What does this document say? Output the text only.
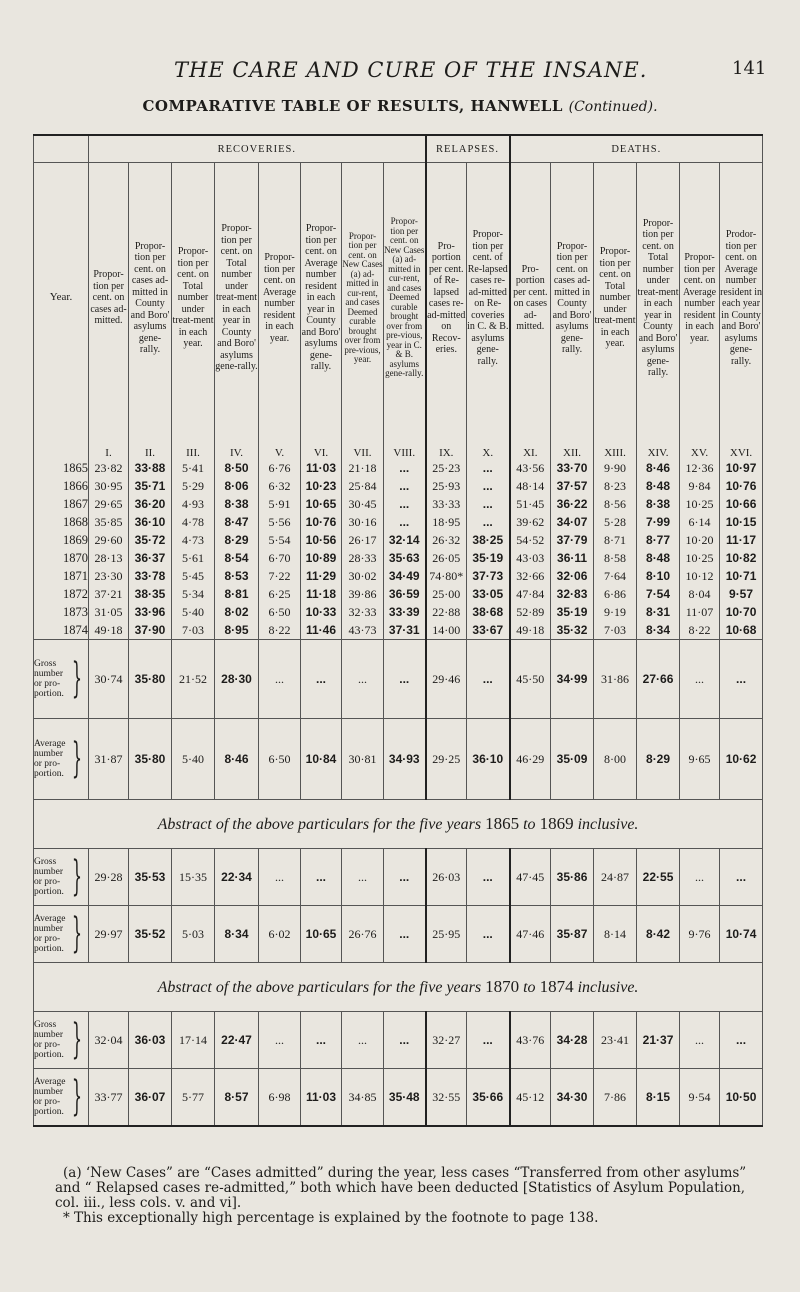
THE CARE AND CURE OF THE INSANE.	141
COMPARATIVE TABLE OF RESULTS, HANWELL (Continued).
	RECOVERIES.								RELAPSES.		DEATHS.					
Year.	Propor-tion per cent. on cases ad-mitted.	Propor-tion per cent. on cases ad-mitted in County and Boro' asylums gene-rally.	Propor-tion per cent. on Total number under treat-ment in each year.	Propor-tion per cent. on Total number under treat-ment in each year in County and Boro' asylums gene-rally.	Propor-tion per cent. on Average number resident in each year.	Propor-tion per cent. on Average number resident in each year in County and Boro' asylums gene-rally.	Propor-tion per cent. on New Cases (a) ad-mitted in cur-rent, and cases Deemed curable brought over from pre-vious, year.	Propor-tion per cent. on New Cases (a) ad-mitted in cur-rent, and cases Deemed curable brought over from pre-vious, year in C. & B. asylums gene-rally.	Pro-portion per cent. of Re-lapsed cases re-ad-mitted on Recov-eries.	Propor-tion per cent. of Re-lapsed cases re-ad-mitted on Re-coveries in C. & B. asylums gene-rally.	Pro-portion per cent. on cases ad-mitted.	Propor-tion per cent. on cases ad-mitted in County and Boro' asylums gene-rally.	Propor-tion per cent. on Total number under treat-ment in each year.	Propor-tion per cent. on Total number under treat-ment in each year in County and Boro' asylums gene-rally.	Propor-tion per cent. on Average number resident in each year.	Prodor-tion per cent. on Average number resident in each year in County and Boro' asylums gene-rally.
	I.	II.	III.	IV.	V.	VI.	VII.	VIII.	IX.	X.	XI.	XII.	XIII.	XIV.	XV.	XVI.
1865	23·82	33·88	5·41	8·50	6·76	11·03	21·18	...	25·23	...	43·56	33·70	9·90	8·46	12·36	10·97
1866	30·95	35·71	5·29	8·06	6·32	10·23	25·84	...	25·93	...	48·14	37·57	8·23	8·48	9·84	10·76
1867	29·65	36·20	4·93	8·38	5·91	10·65	30·45	...	33·33	...	51·45	36·22	8·56	8·38	10·25	10·66
1868	35·85	36·10	4·78	8·47	5·56	10·76	30·16	...	18·95	...	39·62	34·07	5·28	7·99	6·14	10·15
1869	29·60	35·72	4·73	8·29	5·54	10·56	26·17	32·14	26·32	38·25	54·52	37·79	8·71	8·77	10·20	11·17
1870	28·13	36·37	5·61	8·54	6·70	10·89	28·33	35·63	26·05	35·19	43·03	36·11	8·58	8·48	10·25	10·82
1871	23·30	33·78	5·45	8·53	7·22	11·29	30·02	34·49	74·80*	37·73	32·66	32·06	7·64	8·10	10·12	10·71
1872	37·21	38·35	5·34	8·81	6·25	11·18	39·86	36·59	25·00	33·05	47·84	32·83	6·86	7·54	8·04	9·57
1873	31·05	33·96	5·40	8·02	6·50	10·33	32·33	33·39	22·88	38·68	52·89	35·19	9·19	8·31	11·07	10·70
1874	49·18	37·90	7·03	8·95	8·22	11·46	43·73	37·31	14·00	33·67	49·18	35·32	7·03	8·34	8·22	10·68

Gross number or pro-portion. }	30·74	35·80	21·52	28·30	...	...	...	...	29·46	...	45·50	34·99	31·86	27·66	...	...

Average number or pro-portion. }	31·87	35·80	5·40	8·46	6·50	10·84	30·81	34·93	29·25	36·10	46·29	35·09	8·00	8·29	9·65	10·62
Abstract of the above particulars for the five years 1865 to 1869 inclusive.																

Gross number or pro-portion. }	29·28	35·53	15·35	22·34	...	...	...	...	26·03	...	47·45	35·86	24·87	22·55	...	...

Average number or pro-portion. }	29·97	35·52	5·03	8·34	6·02	10·65	26·76	...	25·95	...	47·46	35·87	8·14	8·42	9·76	10·74
Abstract of the above particulars for the five years 1870 to 1874 inclusive.																

Gross number or pro-portion. }	32·04	36·03	17·14	22·47	...	...	...	...	32·27	...	43·76	34·28	23·41	21·37	...	...

Average number or pro-portion. }	33·77	36·07	5·77	8·57	6·98	11·03	34·85	35·48	32·55	35·66	45·12	34·30	7·86	8·15	9·54	10·50

(a) ‘New Cases” are “Cases admitted” during the year, less cases “Transferred from other asylums” and “ Relapsed cases re-admitted,” both which have been deducted [Statistics of Asylum Population, col. iii., less cols. v. and vi].

* This exceptionally high percentage is explained by the footnote to page 138.
